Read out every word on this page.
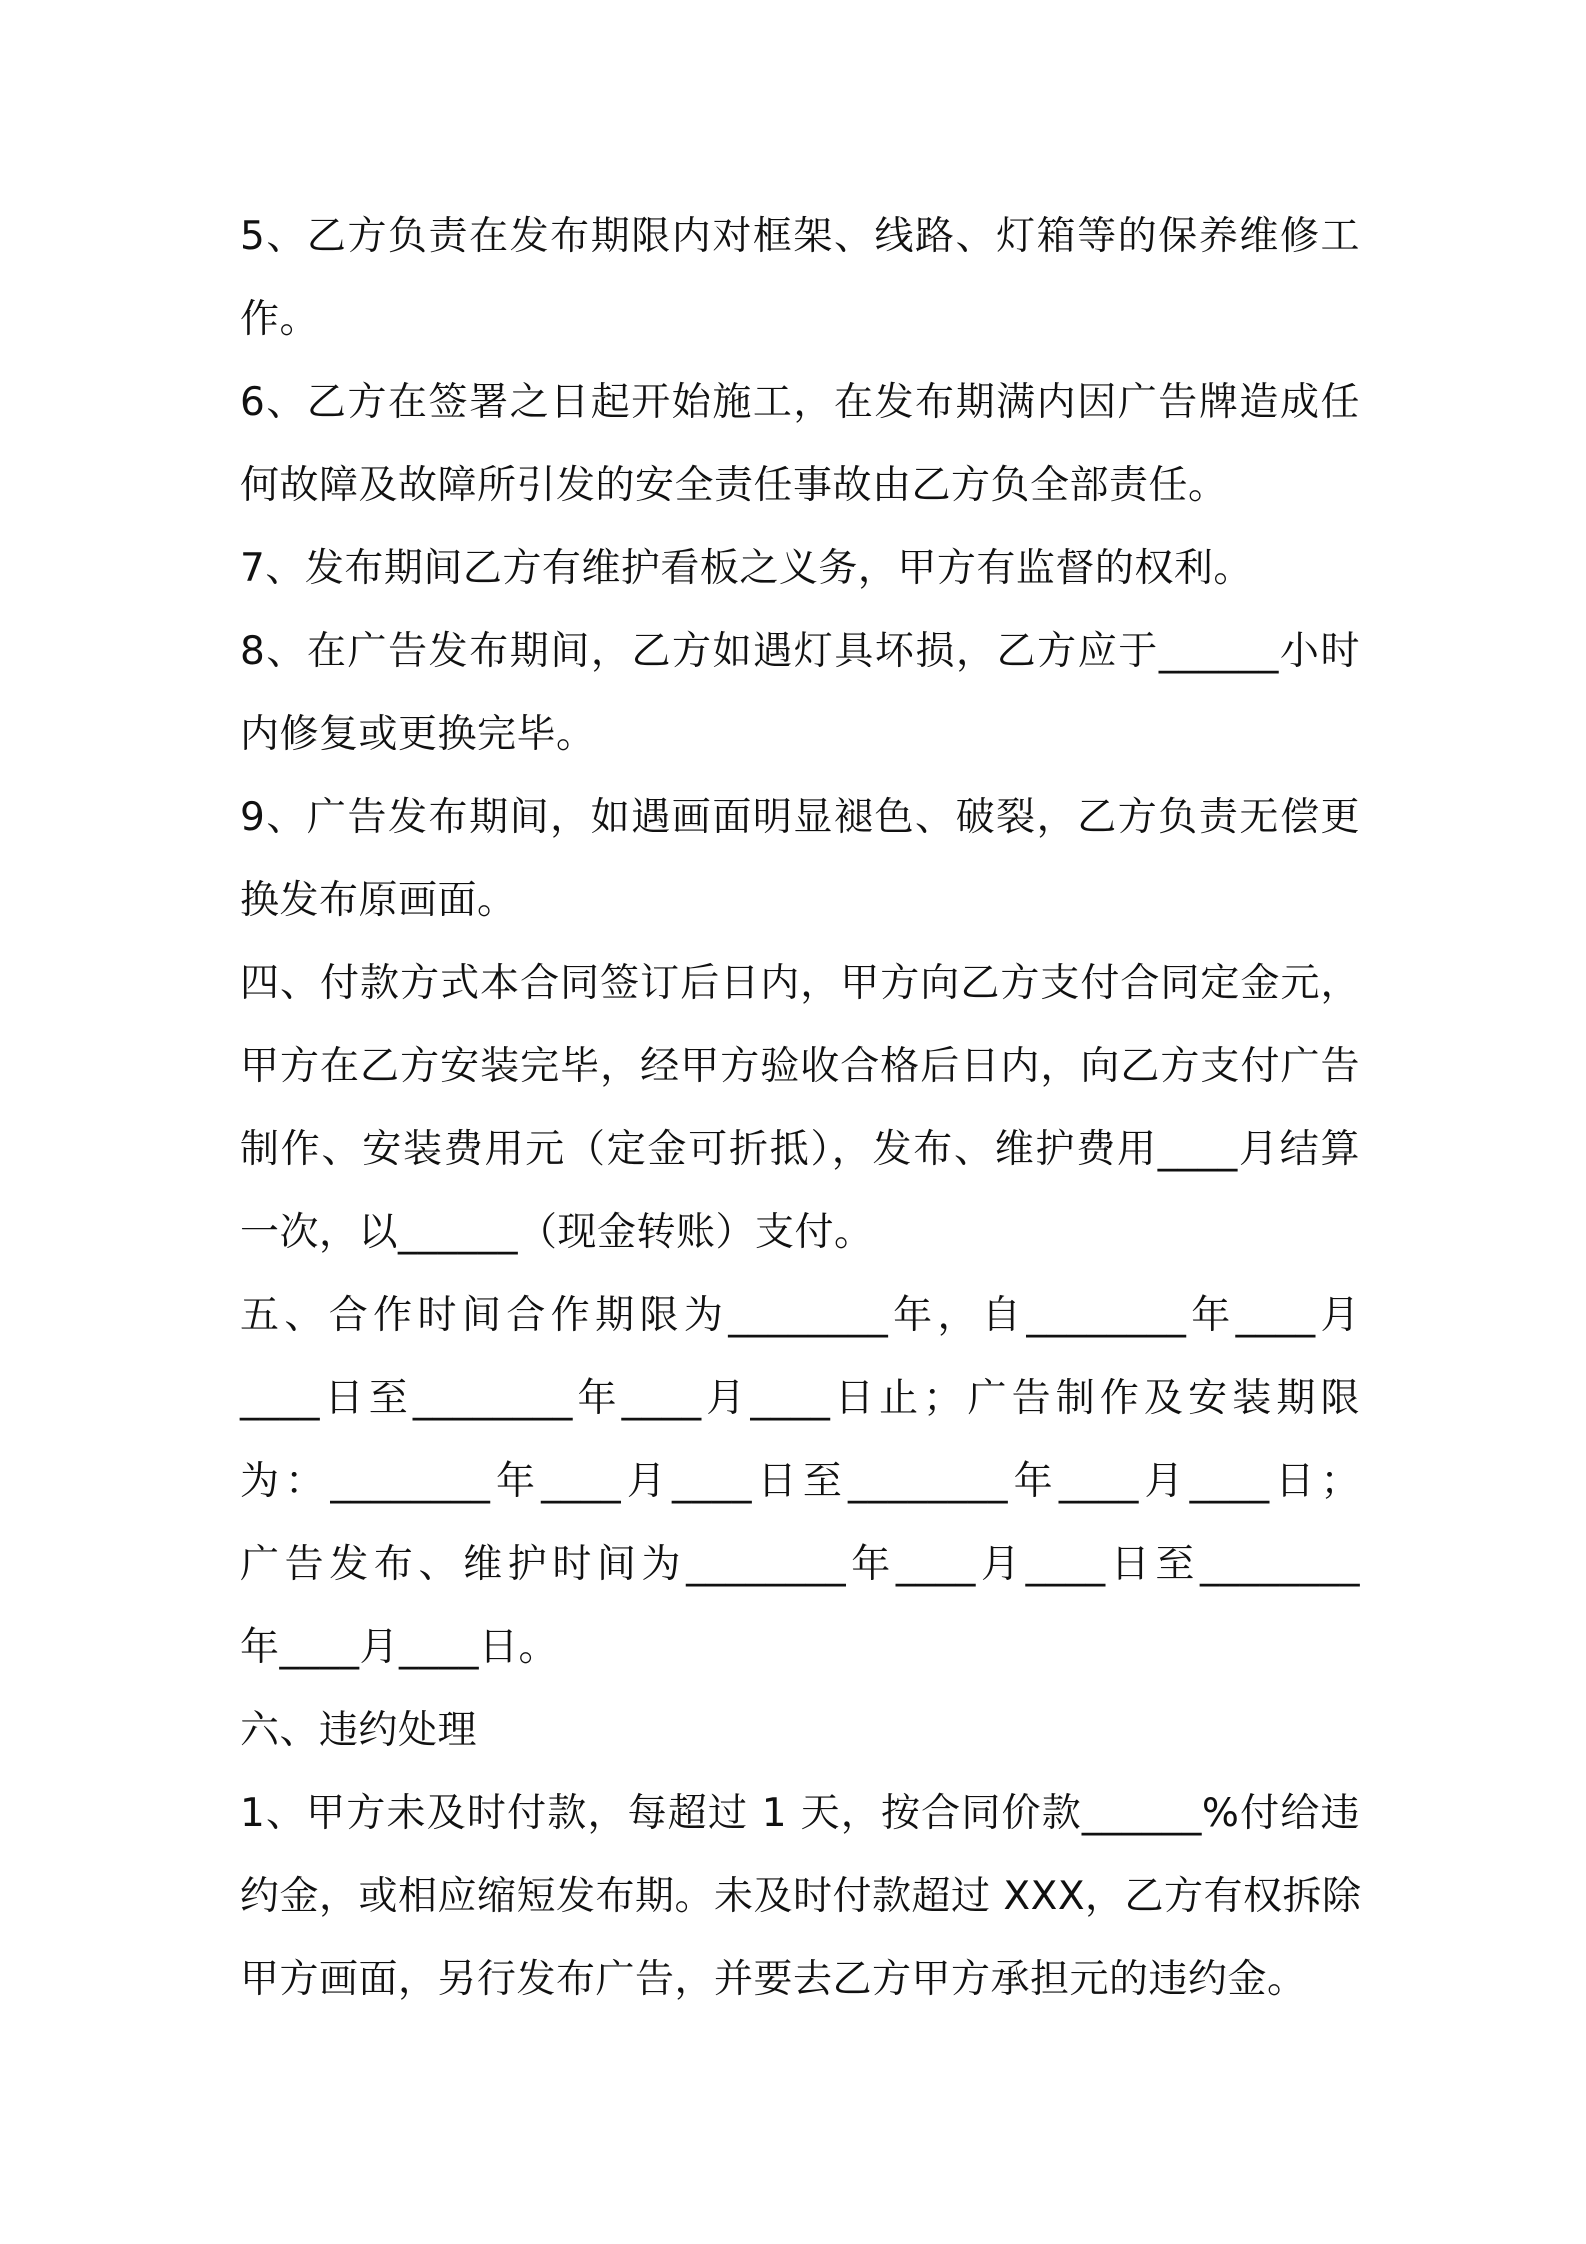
5、乙方负责在发布期限内对框架、线路、灯箱等的保养维修工
作。
6、乙方在签署之日起开始施工，在发布期满内因广告牌造成任
何故障及故障所引发的安全责任事故由乙方负全部责任。
7、发布期间乙方有维护看板之义务，甲方有监督的权利。
8、在广告发布期间，乙方如遇灯具坏损，乙方应于______小时
内修复或更换完毕。
9、广告发布期间，如遇画面明显褪色、破裂，乙方负责无偿更
换发布原画面。
四、付款方式本合同签订后日内，甲方向乙方支付合同定金元，
甲方在乙方安装完毕，经甲方验收合格后日内，向乙方支付广告
制作、安装费用元（定金可折抵），发布、维护费用____月结算
一次，以______（现金转账）支付。
五、合作时间合作期限为________年，自________年____月
____日至________年____月____日止；广告制作及安装期限
为：________年____月____日至________年____月____日；
广告发布、维护时间为________年____月____日至________
年____月____日。
六、违约处理
1、甲方未及时付款，每超过 1 天，按合同价款______%付给违
约金，或相应缩短发布期。未及时付款超过 XXX，乙方有权拆除
甲方画面，另行发布广告，并要去乙方甲方承担元的违约金。
